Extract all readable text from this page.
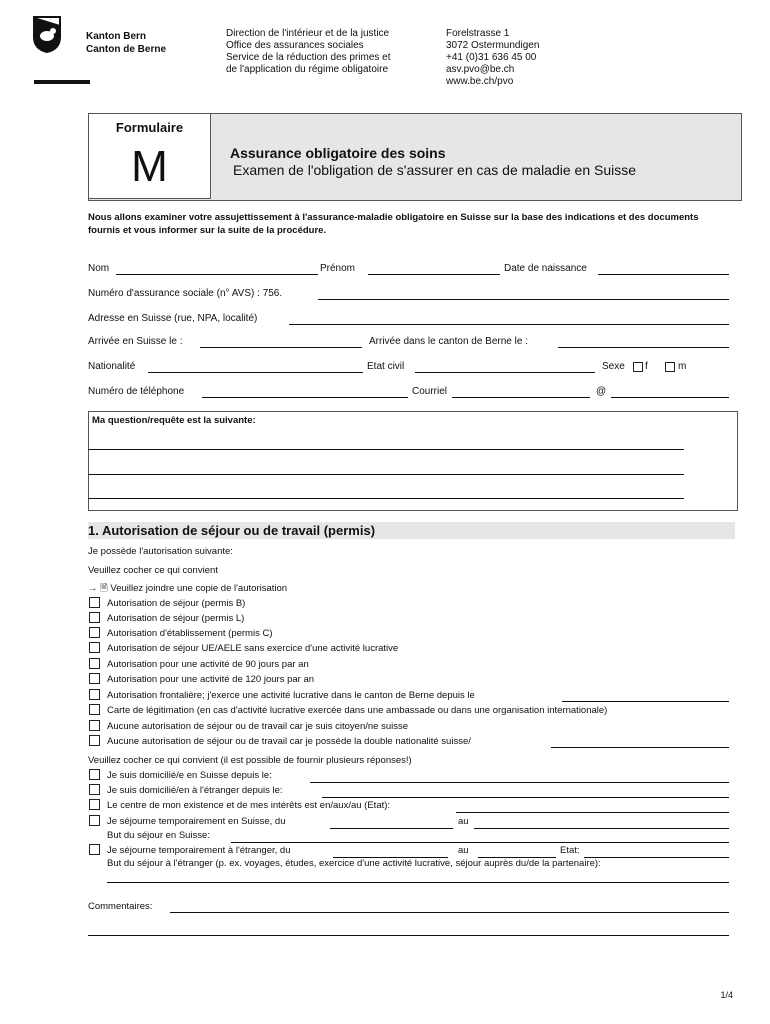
Kanton Bern
Canton de Berne
Direction de l'intérieur et de la justice
Office des assurances sociales
Service de la réduction des primes et
de l'application du régime obligatoire
Forelstrasse 1
3072 Ostermundigen
+41 (0)31 636 45 00
asv.pvo@be.ch
www.be.ch/pvo
Formulaire
M	Assurance obligatoire des soins
Examen de l'obligation de s'assurer en cas de maladie en Suisse
Nous allons examiner votre assujettissement à l'assurance-maladie obligatoire en Suisse sur la base des indications et des documents fournis et vous informer sur la suite de la procédure.
Nom	Prénom	Date de naissance
Numéro d'assurance sociale (n° AVS) : 756.
Adresse en Suisse (rue, NPA, localité)
Arrivée en Suisse le :	Arrivée dans le canton de Berne le :
Nationalité	Etat civil	Sexe f	m
Numéro de téléphone	Courriel	@
Ma question/requête est la suivante:
1. Autorisation de séjour ou de travail (permis)
Je possède l'autorisation suivante:
Veuillez cocher ce qui convient
→ 🗎 Veuillez joindre une copie de l'autorisation
Autorisation de séjour (permis B)
Autorisation de séjour (permis L)
Autorisation d'établissement (permis C)
Autorisation de séjour UE/AELE sans exercice d'une activité lucrative
Autorisation pour une activité de 90 jours par an
Autorisation pour une activité de 120 jours par an
Autorisation frontalière; j'exerce une activité lucrative dans le canton de Berne depuis le
Carte de légitimation (en cas d'activité lucrative exercée dans une ambassade ou dans une organisation internationale)
Aucune autorisation de séjour ou de travail car je suis citoyen/ne suisse
Aucune autorisation de séjour ou de travail car je possède la double nationalité suisse/
Veuillez cocher ce qui convient (il est possible de fournir plusieurs réponses!)
Je suis domicilié/e en Suisse depuis le:
Je suis domicilié/en à l'étranger depuis le:
Le centre de mon existence et de mes intérêts est en/aux/au (Etat):
Je séjourne temporairement en Suisse, du	au
But du séjour en Suisse:
Je séjourne temporairement à l'étranger, du	au	Etat:
But du séjour à l'étranger (p. ex. voyages, études, exercice d'une activité lucrative, séjour auprès du/de la partenaire):
Commentaires:
1/4
